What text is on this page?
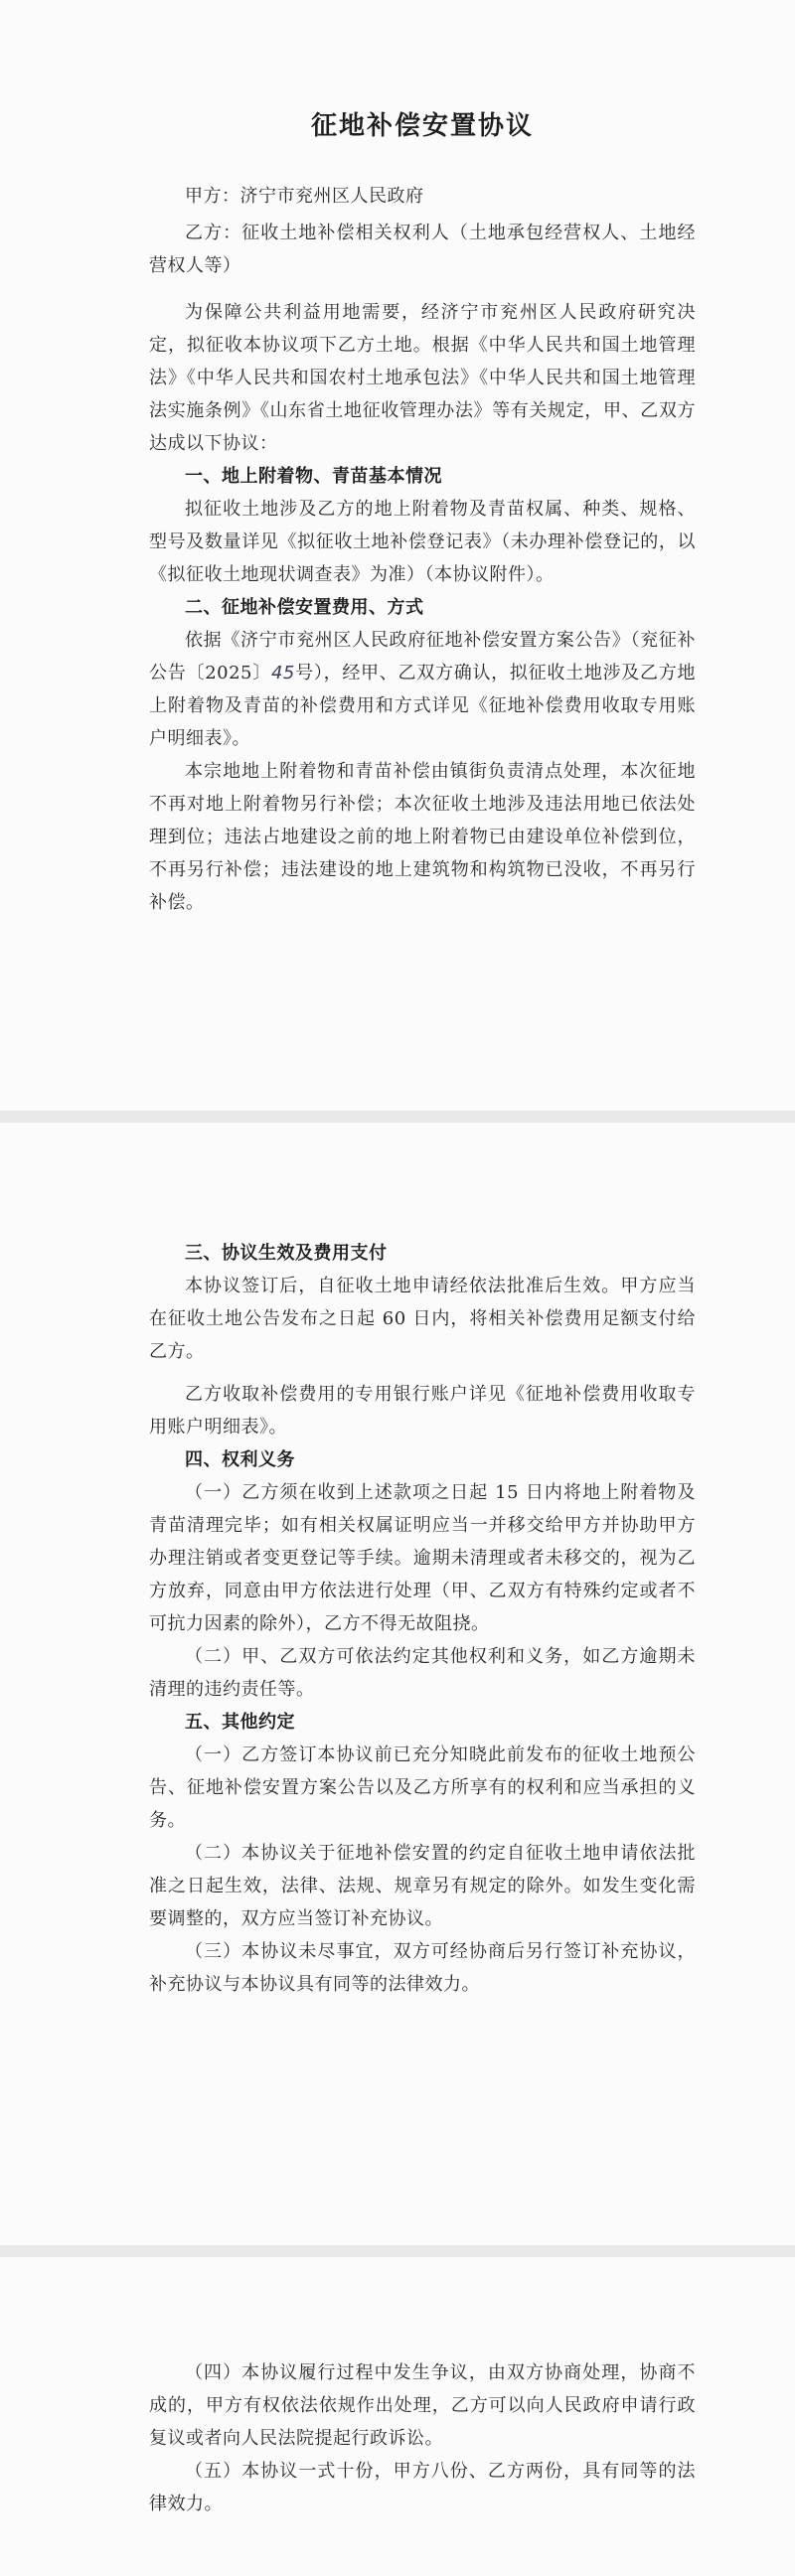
征地补偿安置协议

甲方：济宁市兖州区人民政府

乙方：征收土地补偿相关权利人（土地承包经营权人、土地经营权人等）

为保障公共利益用地需要，经济宁市兖州区人民政府研究决定，拟征收本协议项下乙方土地。根据《中华人民共和国土地管理法》《中华人民共和国农村土地承包法》《中华人民共和国土地管理法实施条例》《山东省土地征收管理办法》等有关规定，甲、乙双方达成以下协议：

一、地上附着物、青苗基本情况

拟征收土地涉及乙方的地上附着物及青苗权属、种类、规格、型号及数量详见《拟征收土地补偿登记表》（未办理补偿登记的，以《拟征收土地现状调查表》为准）（本协议附件）。

二、征地补偿安置费用、方式

依据《济宁市兖州区人民政府征地补偿安置方案公告》（兖征补公告〔2025〕45号），经甲、乙双方确认，拟征收土地涉及乙方地上附着物及青苗的补偿费用和方式详见《征地补偿费用收取专用账户明细表》。

本宗地地上附着物和青苗补偿由镇街负责清点处理，本次征地不再对地上附着物另行补偿；本次征收土地涉及违法用地已依法处理到位；违法占地建设之前的地上附着物已由建设单位补偿到位，不再另行补偿；违法建设的地上建筑物和构筑物已没收，不再另行补偿。

三、协议生效及费用支付

本协议签订后，自征收土地申请经依法批准后生效。甲方应当在征收土地公告发布之日起 60 日内，将相关补偿费用足额支付给乙方。

乙方收取补偿费用的专用银行账户详见《征地补偿费用收取专用账户明细表》。

四、权利义务

（一）乙方须在收到上述款项之日起 15 日内将地上附着物及青苗清理完毕；如有相关权属证明应当一并移交给甲方并协助甲方办理注销或者变更登记等手续。逾期未清理或者未移交的，视为乙方放弃，同意由甲方依法进行处理（甲、乙双方有特殊约定或者不可抗力因素的除外），乙方不得无故阻挠。

（二）甲、乙双方可依法约定其他权利和义务，如乙方逾期未清理的违约责任等。

五、其他约定

（一）乙方签订本协议前已充分知晓此前发布的征收土地预公告、征地补偿安置方案公告以及乙方所享有的权利和应当承担的义务。

（二）本协议关于征地补偿安置的约定自征收土地申请依法批准之日起生效，法律、法规、规章另有规定的除外。如发生变化需要调整的，双方应当签订补充协议。

（三）本协议未尽事宜，双方可经协商后另行签订补充协议，补充协议与本协议具有同等的法律效力。

（四）本协议履行过程中发生争议，由双方协商处理，协商不成的，甲方有权依法依规作出处理，乙方可以向人民政府申请行政复议或者向人民法院提起行政诉讼。

（五）本协议一式十份，甲方八份、乙方两份，具有同等的法律效力。
